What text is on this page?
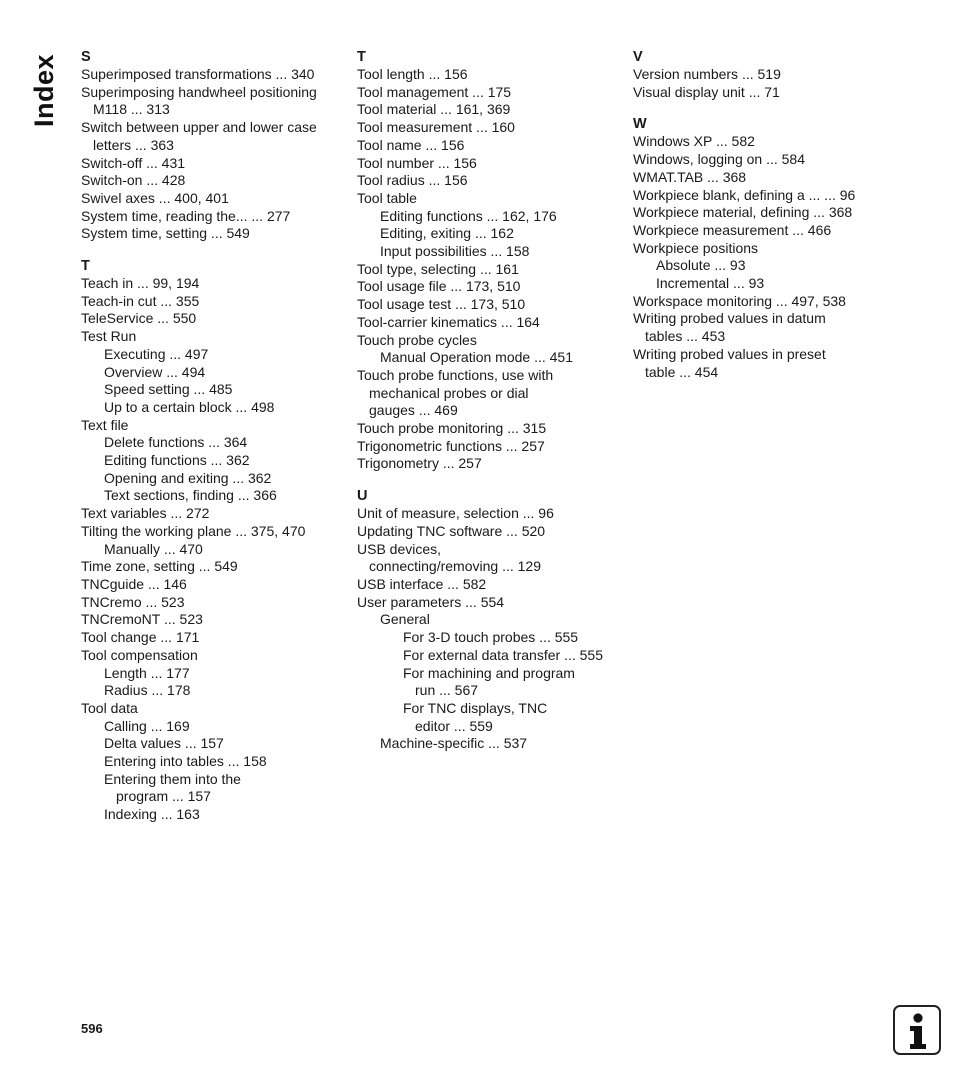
Index S
Superimposed transformations ... 340
Superimposing handwheel positioning
M118 ... 313
Switch between upper and lower case
letters ... 363
Switch-off ... 431
Switch-on ... 428
Swivel axes ... 400, 401
System time, reading the... ... 277
System time, setting ... 549
T
Teach in ... 99, 194
Teach-in cut ... 355
TeleService ... 550
Test Run
Executing ... 497
Overview ... 494
Speed setting ... 485
Up to a certain block ... 498
Text file
Delete functions ... 364
Editing functions ... 362
Opening and exiting ... 362
Text sections, finding ... 366
Text variables ... 272
Tilting the working plane ... 375, 470
Manually ... 470
Time zone, setting ... 549
TNCguide ... 146
TNCremo ... 523
TNCremoNT ... 523
Tool change ... 171
Tool compensation
Length ... 177
Radius ... 178
Tool data
Calling ... 169
Delta values ... 157
Entering into tables ... 158
Entering them into the
program ... 157
Indexing ... 163
T
Tool length ... 156
Tool management ... 175
Tool material ... 161, 369
Tool measurement ... 160
Tool name ... 156
Tool number ... 156
Tool radius ... 156
Tool table
Editing functions ... 162, 176
Editing, exiting ... 162
Input possibilities ... 158
Tool type, selecting ... 161
Tool usage file ... 173, 510
Tool usage test ... 173, 510
Tool-carrier kinematics ... 164
Touch probe cycles
Manual Operation mode ... 451
Touch probe functions, use with
mechanical probes or dial
gauges ... 469
Touch probe monitoring ... 315
Trigonometric functions ... 257
Trigonometry ... 257
U
Unit of measure, selection ... 96
Updating TNC software ... 520
USB devices,
connecting/removing ... 129
USB interface ... 582
User parameters ... 554
General
For 3-D touch probes ... 555
For external data transfer ... 555
For machining and program
run ... 567
For TNC displays, TNC
editor ... 559
Machine-specific ... 537
V
Version numbers ... 519
Visual display unit ... 71
W
Windows XP ... 582
Windows, logging on ... 584
WMAT.TAB ... 368
Workpiece blank, defining a ... ... 96
Workpiece material, defining ... 368
Workpiece measurement ... 466
Workpiece positions
Absolute ... 93
Incremental ... 93
Workspace monitoring ... 497, 538
Writing probed values in datum
tables ... 453
Writing probed values in preset
table ... 454
596
